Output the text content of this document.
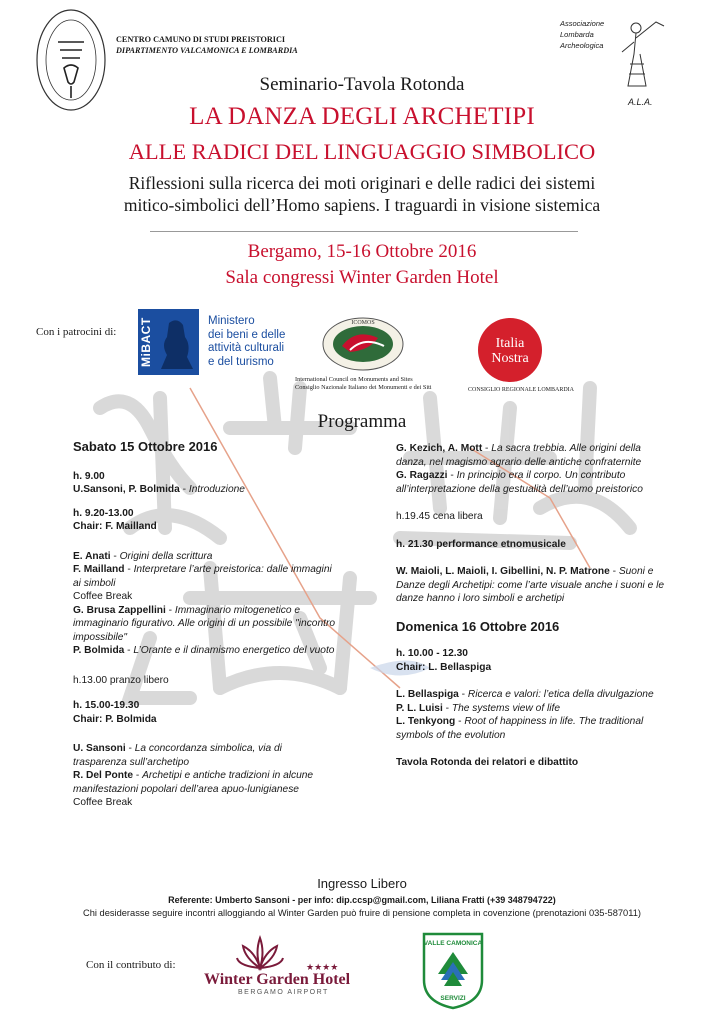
CENTRO CAMUNO DI STUDI PREISTORICI
DIPARTIMENTO VALCAMONICA E LOMBARDIA
Associazione
Lombarda
Archeologica
A.L.A.
Seminario-Tavola Rotonda
LA DANZA DEGLI ARCHETIPI
ALLE RADICI DEL LINGUAGGIO SIMBOLICO
Riflessioni sulla ricerca dei moti originari e delle radici dei sistemi
mitico-simbolici dell’Homo sapiens. I traguardi in visione sistemica
Bergamo, 15-16 Ottobre 2016
Sala congressi Winter Garden Hotel
Con i patrocini di: MiBACT	Ministero
dei beni e delle
attività culturali
e del turismo
ICOMOS
International Council on Monuments and Sites
Consiglio Nazionale Italiano dei Monumenti e dei Siti
Italia
Nostra
CONSIGLIO REGIONALE LOMBARDIA
Programma

Sabato 15 Ottobre 2016

h. 9.00

U.Sansoni, P. Bolmida - Introduzione

h. 9.20-13.00

Chair: F. Mailland

E. Anati - Origini della scrittura

F. Mailland - Interpretare l’arte preistorica: dalle immagini ai simboli

Coffee Break

G. Brusa Zappellini - Immaginario mitogenetico e immaginario figurativo. Alle origini di un possibile "incontro impossibile"

P. Bolmida - L’Orante e il dinamismo energetico del vuoto

h.13.00 pranzo libero

h. 15.00-19.30

Chair: P. Bolmida

U. Sansoni - La concordanza simbolica, via di trasparenza sull’archetipo

R. Del Ponte - Archetipi e antiche tradizioni in alcune manifestazioni popolari dell’area apuo-lunigianese

Coffee Break

G. Kezich, A. Mott - La sacra trebbia. Alle origini della danza, nel magismo agrario delle antiche confraternite

G. Ragazzi - In principio era il corpo. Un contributo all’interpretazione della gestualità dell’uomo preistorico

h.19.45 cena libera

h. 21.30 performance etnomusicale

W. Maioli, L. Maioli, I. Gibellini, N. P. Matrone - Suoni e Danze degli Archetipi: come l’arte visuale anche i suoni e le danze hanno i loro simboli e archetipi

Domenica 16 Ottobre 2016

h. 10.00 - 12.30

Chair: L. Bellaspiga

L. Bellaspiga - Ricerca e valori: l’etica della divulgazione

P. L. Luisi - The systems view of life

L. Tenkyong - Root of happiness in life. The traditional symbols of the evolution

Tavola Rotonda dei relatori e dibattito

Ingresso Libero
Referente: Umberto Sansoni - per info: dip.ccsp@gmail.com, Liliana Fratti (+39 348794722)
Chi desiderasse seguire incontri alloggiando al Winter Garden può fruire di pensione completa in covenzione (prenotazioni 035-587011)
Con il contributo di:
Winter Garden Hotel
★★★★
BERGAMO AIRPORT
VALLE CAMONICA
SERVIZI
